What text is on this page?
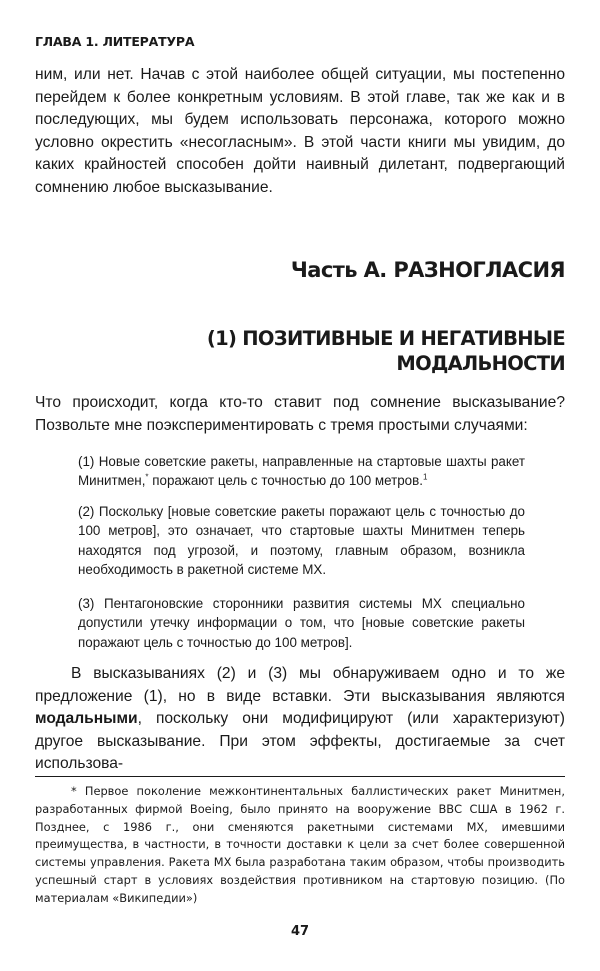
ГЛАВА 1. ЛИТЕРАТУРА

ним, или нет. Начав с этой наиболее общей ситуации, мы постепенно перейдем к более конкретным условиям. В этой главе, так же как и в последующих, мы будем использовать персонажа, которого можно условно окрестить «несогласным». В этой части книги мы увидим, до каких крайностей способен дойти наивный дилетант, подвергающий сомнению любое высказывание.

Часть А. РАЗНОГЛАСИЯ
(1) ПОЗИТИВНЫЕ И НЕГАТИВНЫЕ
МОДАЛЬНОСТИ

Что происходит, когда кто-то ставит под сомнение высказывание? Позвольте мне поэкспериментировать с тремя простыми случаями:

(1) Новые советские ракеты, направленные на стартовые шахты ракет Минитмен,* поражают цель с точностью до 100 метров.$^1$

(2) Поскольку [новые советские ракеты поражают цель с точностью до 100 метров], это означает, что стартовые шахты Минитмен теперь находятся под угрозой, и поэтому, главным образом, возникла необходимость в ракетной системе МХ.

(3) Пентагоновские сторонники развития системы МХ специально допустили утечку информации о том, что [новые советские ракеты поражают цель с точностью до 100 метров].

В высказываниях (2) и (3) мы обнаруживаем одно и то же предложение (1), но в виде вставки. Эти высказывания являются модальными, поскольку они модифицируют (или характеризуют) другое высказывание. При этом эффекты, достигаемые за счет использова-

* Первое поколение межконтинентальных баллистических ракет Минитмен, разработанных фирмой Boeing, было принято на вооружение ВВС США в 1962 г. Позднее, с 1986 г., они сменяются ракетными системами МХ, имевшими преимущества, в частности, в точности доставки к цели за счет более совершенной системы управления. Ракета МХ была разработана таким образом, чтобы производить успешный старт в условиях воздействия противником на стартовую позицию. (По материалам «Википедии»)

47
